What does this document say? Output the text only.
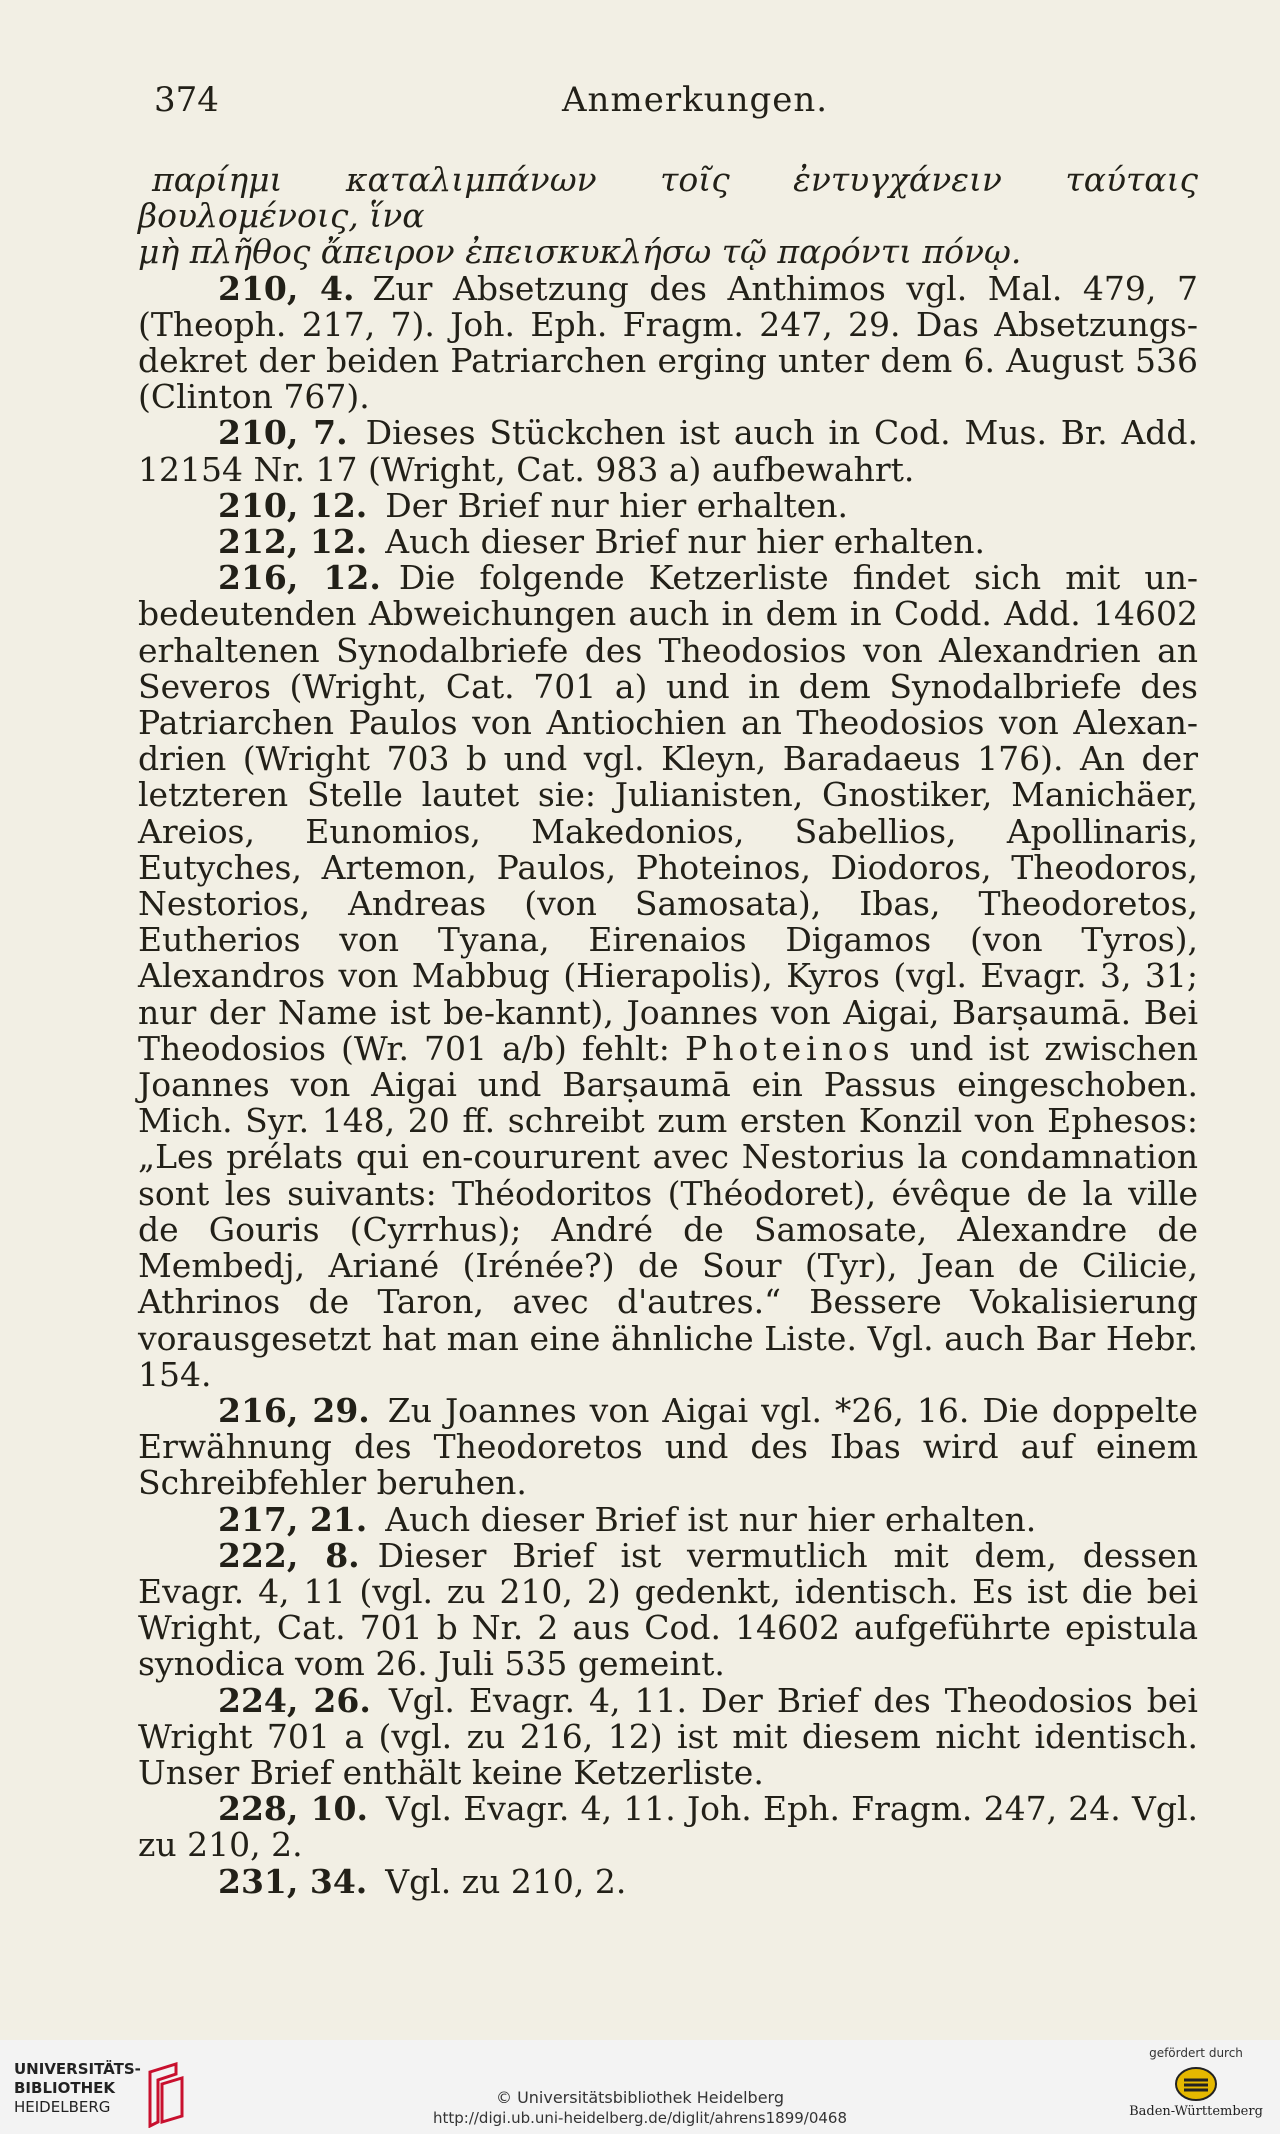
374	Anmerkungen.

παρίημι καταλιμπάνων τοῖς ἐντυγχάνειν ταύταις βουλομένοις, ἵνα
μὴ πλῆθος ἄπειρον ἐπεισκυκλήσω τῷ παρόντι πόνῳ.

210, 4. Zur Absetzung des Anthimos vgl. Mal. 479, 7 (Theoph. 217, 7). Joh. Eph. Fragm. 247, 29. Das Absetzungs-dekret der beiden Patriarchen erging unter dem 6. August 536 (Clinton 767).

210, 7. Dieses Stückchen ist auch in Cod. Mus. Br. Add. 12154 Nr. 17 (Wright, Cat. 983 a) aufbewahrt.

210, 12. Der Brief nur hier erhalten.

212, 12. Auch dieser Brief nur hier erhalten.

216, 12. Die folgende Ketzerliste findet sich mit un-bedeutenden Abweichungen auch in dem in Codd. Add. 14602 erhaltenen Synodalbriefe des Theodosios von Alexandrien an Severos (Wright, Cat. 701 a) und in dem Synodalbriefe des Patriarchen Paulos von Antiochien an Theodosios von Alexan-drien (Wright 703 b und vgl. Kleyn, Baradaeus 176). An der letzteren Stelle lautet sie: Julianisten, Gnostiker, Manichäer, Areios, Eunomios, Makedonios, Sabellios, Apollinaris, Eutyches, Artemon, Paulos, Photeinos, Diodoros, Theodoros, Nestorios, Andreas (von Samosata), Ibas, Theodoretos, Eutherios von Tyana, Eirenaios Digamos (von Tyros), Alexandros von Mabbug (Hierapolis), Kyros (vgl. Evagr. 3, 31; nur der Name ist be-kannt), Joannes von Aigai, Barṣaumā. Bei Theodosios (Wr. 701 a/b) fehlt: Photeinos und ist zwischen Joannes von Aigai und Barṣaumā ein Passus eingeschoben. Mich. Syr. 148, 20 ff. schreibt zum ersten Konzil von Ephesos: „Les prélats qui en-coururent avec Nestorius la condamnation sont les suivants: Théodoritos (Théodoret), évêque de la ville de Gouris (Cyrrhus); André de Samosate, Alexandre de Membedj, Ariané (Irénée?) de Sour (Tyr), Jean de Cilicie, Athrinos de Taron, avec d'autres.“ Bessere Vokalisierung vorausgesetzt hat man eine ähnliche Liste. Vgl. auch Bar Hebr. 154.

216, 29. Zu Joannes von Aigai vgl. *26, 16. Die doppelte Erwähnung des Theodoretos und des Ibas wird auf einem Schreibfehler beruhen.

217, 21. Auch dieser Brief ist nur hier erhalten.

222, 8. Dieser Brief ist vermutlich mit dem, dessen Evagr. 4, 11 (vgl. zu 210, 2) gedenkt, identisch. Es ist die bei Wright, Cat. 701 b Nr. 2 aus Cod. 14602 aufgeführte epistula synodica vom 26. Juli 535 gemeint.

224, 26. Vgl. Evagr. 4, 11. Der Brief des Theodosios bei Wright 701 a (vgl. zu 216, 12) ist mit diesem nicht identisch. Unser Brief enthält keine Ketzerliste.

228, 10. Vgl. Evagr. 4, 11. Joh. Eph. Fragm. 247, 24. Vgl. zu 210, 2.

231, 34. Vgl. zu 210, 2.

UNIVERSITÄTS-
BIBLIOTHEK
HEIDELBERG	© Universitätsbibliothek Heidelberg
http://digi.ub.uni-heidelberg.de/diglit/ahrens1899/0468
gefördert durch
Baden-Württemberg
